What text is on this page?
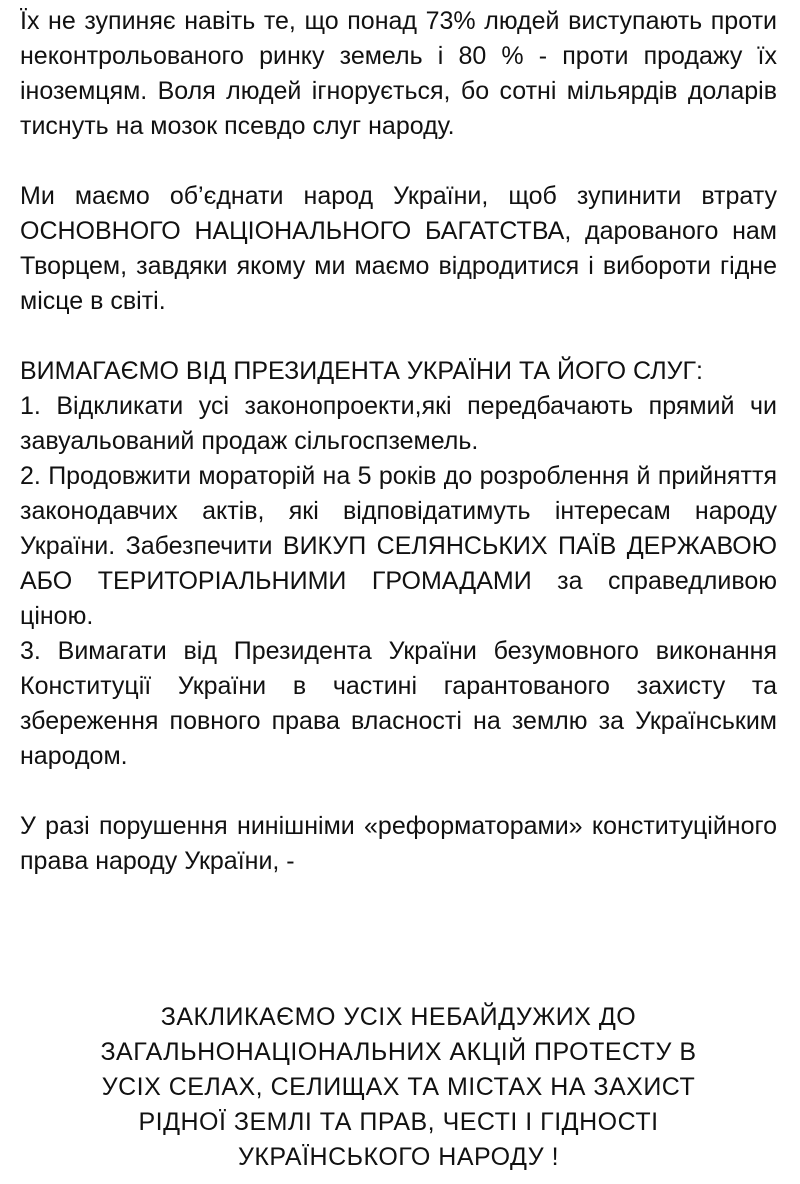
Їх не зупиняє навіть те, що понад 73% людей виступають проти неконтрольованого ринку земель і 80 % - проти продажу їх іноземцям. Воля людей ігнорується, бо сотні мільярдів доларів тиснуть на мозок псевдо слуг народу.

Ми маємо об’єднати народ України, щоб зупинити втрату ОСНОВНОГО НАЦІОНАЛЬНОГО БАГАТСТВА, дарованого нам Творцем, завдяки якому ми маємо відродитися і вибороти гідне місце в світі.

ВИМАГАЄМО ВІД ПРЕЗИДЕНТА УКРАЇНИ ТА ЙОГО СЛУГ:

1. Відкликати усі законопроекти,які передбачають прямий чи завуальований продаж сільгоспземель.

2. Продовжити мораторій на 5 років до розроблення й прийняття законодавчих актів, які відповідатимуть інтересам народу України. Забезпечити ВИКУП СЕЛЯНСЬКИХ ПАЇВ ДЕРЖАВОЮ АБО ТЕРИТОРІАЛЬНИМИ ГРОМАДАМИ за справедливою ціною.

3. Вимагати від Президента України безумовного виконання Конституції України в частині гарантованого захисту та збереження повного права власності на землю за Українським народом.

У разі порушення нинішніми «реформаторами» конституційного права народу України, -

ЗАКЛИКАЄМО УСІХ НЕБАЙДУЖИХ ДО
ЗАГАЛЬНОНАЦІОНАЛЬНИХ АКЦІЙ ПРОТЕСТУ В
УСІХ СЕЛАХ, СЕЛИЩАХ ТА МІСТАХ НА ЗАХИСТ
РІДНОЇ ЗЕМЛІ ТА ПРАВ, ЧЕСТІ І ГІДНОСТІ
УКРАЇНСЬКОГО НАРОДУ !
